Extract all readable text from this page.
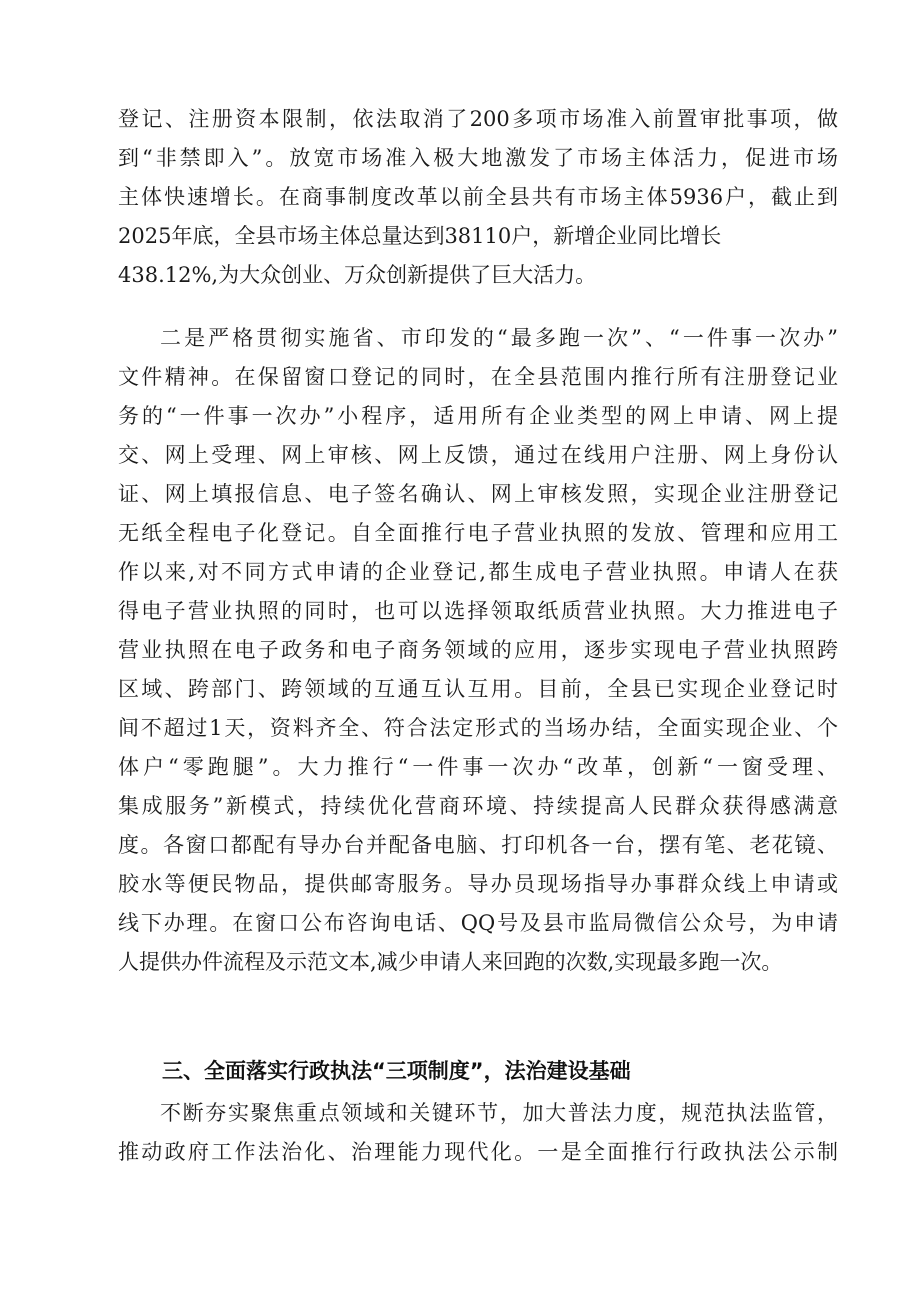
登记、注册资本限制，依法取消了200多项市场准入前置审批事项，做
到“非禁即入”。放宽市场准入极大地激发了市场主体活力，促进市场
主体快速增长。在商事制度改革以前全县共有市场主体5936户，截止到
2025年底，全县市场主体总量达到38110户，新增企业同比增长
438.12%,为大众创业、万众创新提供了巨大活力。
二是严格贯彻实施省、市印发的“最多跑一次”、“一件事一次办”
文件精神。在保留窗口登记的同时，在全县范围内推行所有注册登记业
务的“一件事一次办”小程序，适用所有企业类型的网上申请、网上提
交、网上受理、网上审核、网上反馈，通过在线用户注册、网上身份认
证、网上填报信息、电子签名确认、网上审核发照，实现企业注册登记
无纸全程电子化登记。自全面推行电子营业执照的发放、管理和应用工
作以来,对不同方式申请的企业登记,都生成电子营业执照。申请人在获
得电子营业执照的同时，也可以选择领取纸质营业执照。大力推进电子
营业执照在电子政务和电子商务领域的应用，逐步实现电子营业执照跨
区域、跨部门、跨领域的互通互认互用。目前，全县已实现企业登记时
间不超过1天，资料齐全、符合法定形式的当场办结，全面实现企业、个
体户“零跑腿”。大力推行“一件事一次办“改革，创新“一窗受理、
集成服务”新模式，持续优化营商环境、持续提高人民群众获得感满意
度。各窗口都配有导办台并配备电脑、打印机各一台，摆有笔、老花镜、
胶水等便民物品，提供邮寄服务。导办员现场指导办事群众线上申请或
线下办理。在窗口公布咨询电话、QQ号及县市监局微信公众号，为申请
人提供办件流程及示范文本,减少申请人来回跑的次数,实现最多跑一次。
三、全面落实行政执法“三项制度”，法治建设基础
不断夯实聚焦重点领域和关键环节，加大普法力度，规范执法监管，
推动政府工作法治化、治理能力现代化。一是全面推行行政执法公示制
